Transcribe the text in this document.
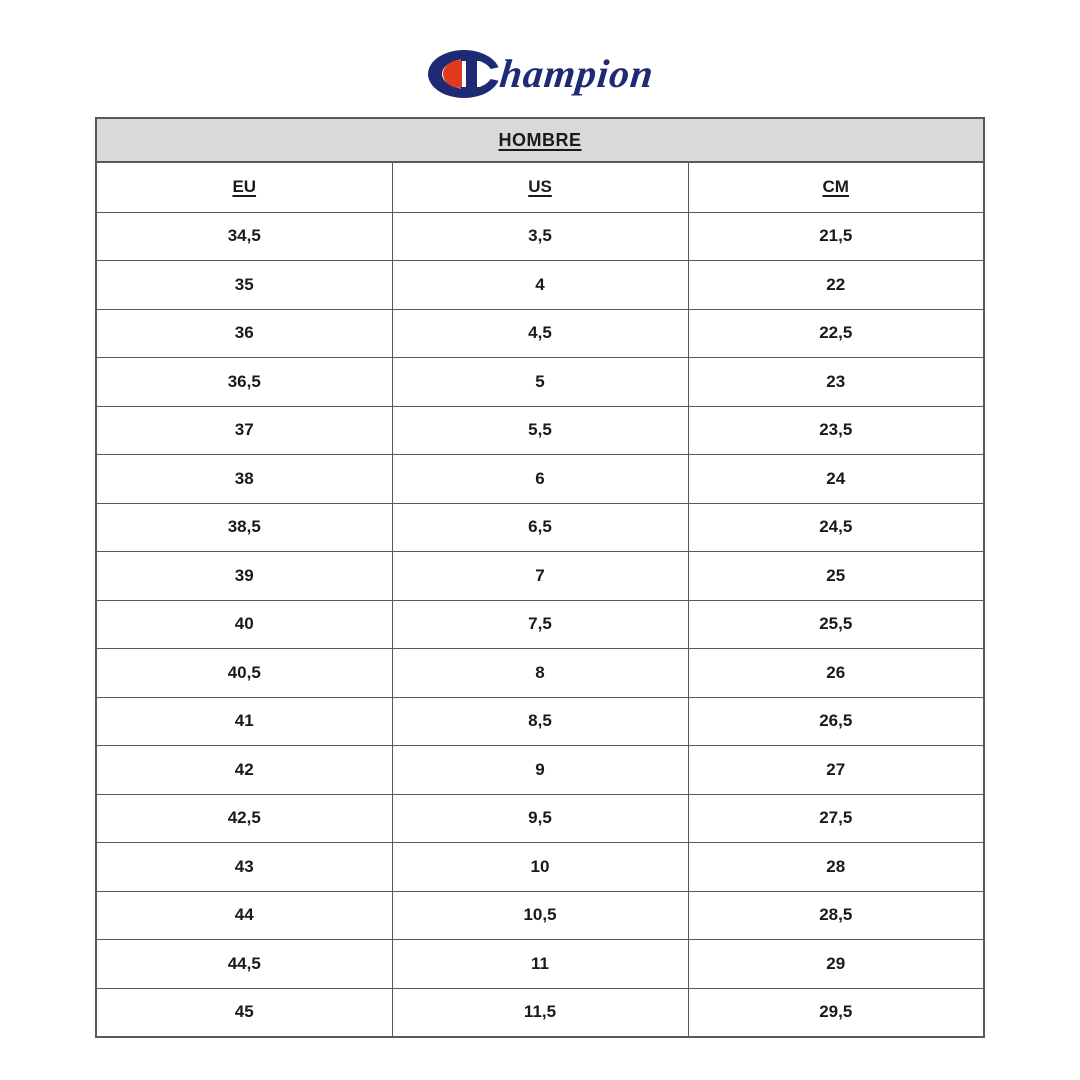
hampion
HOMBRE		
EU	US	CM
34,5	3,5	21,5
35	4	22
36	4,5	22,5
36,5	5	23
37	5,5	23,5
38	6	24
38,5	6,5	24,5
39	7	25
40	7,5	25,5
40,5	8	26
41	8,5	26,5
42	9	27
42,5	9,5	27,5
43	10	28
44	10,5	28,5
44,5	11	29
45	11,5	29,5
